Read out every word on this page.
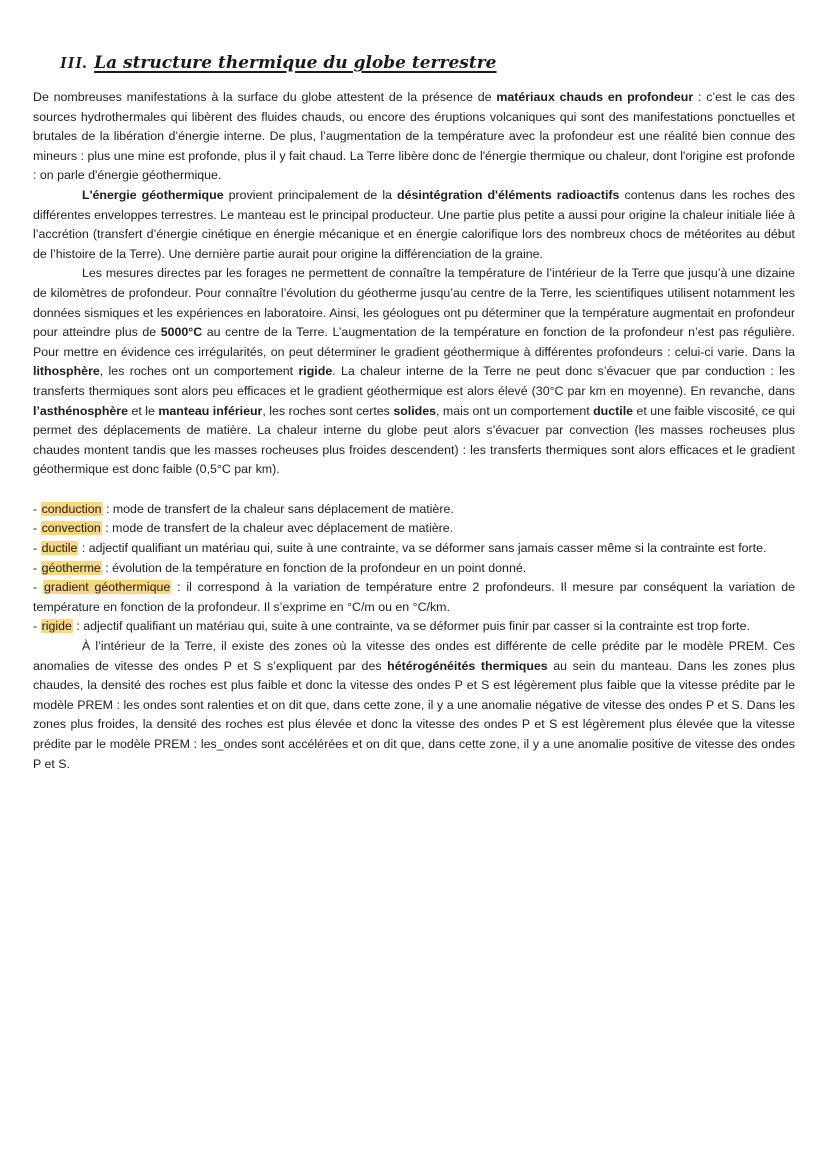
III. La structure thermique du globe terrestre

De nombreuses manifestations à la surface du globe attestent de la présence de matériaux chauds en profondeur : c’est le cas des sources hydrothermales qui libèrent des fluides chauds, ou encore des éruptions volcaniques qui sont des manifestations ponctuelles et brutales de la libération d’énergie interne. De plus, l’augmentation de la température avec la profondeur est une réalité bien connue des mineurs : plus une mine est profonde, plus il y fait chaud. La Terre libère donc de l'énergie thermique ou chaleur, dont l'origine est profonde : on parle d'énergie géothermique.

L'énergie géothermique provient principalement de la désintégration d'éléments radioactifs contenus dans les roches des différentes enveloppes terrestres. Le manteau est le principal producteur. Une partie plus petite a aussi pour origine la chaleur initiale liée à l’accrétion (transfert d’énergie cinétique en énergie mécanique et en énergie calorifique lors des nombreux chocs de météorites au début de l’histoire de la Terre). Une dernière partie aurait pour origine la différenciation de la graine.

Les mesures directes par les forages ne permettent de connaître la température de l’intérieur de la Terre que jusqu’à une dizaine de kilomètres de profondeur. Pour connaître l’évolution du géotherme jusqu’au centre de la Terre, les scientifiques utilisent notamment les données sismiques et les expériences en laboratoire. Ainsi, les géologues ont pu déterminer que la température augmentait en profondeur pour atteindre plus de 5000°C au centre de la Terre. L’augmentation de la température en fonction de la profondeur n’est pas régulière. Pour mettre en évidence ces irrégularités, on peut déterminer le gradient géothermique à différentes profondeurs : celui-ci varie. Dans la lithosphère, les roches ont un comportement rigide. La chaleur interne de la Terre ne peut donc s’évacuer que par conduction : les transferts thermiques sont alors peu efficaces et le gradient géothermique est alors élevé (30°C par km en moyenne). En revanche, dans l’asthénosphère et le manteau inférieur, les roches sont certes solides, mais ont un comportement ductile et une faible viscosité, ce qui permet des déplacements de matière. La chaleur interne du globe peut alors s’évacuer par convection (les masses rocheuses plus chaudes montent tandis que les masses rocheuses plus froides descendent) : les transferts thermiques sont alors efficaces et le gradient géothermique est donc faible (0,5°C par km).

- conduction : mode de transfert de la chaleur sans déplacement de matière.

- convection : mode de transfert de la chaleur avec déplacement de matière.

- ductile : adjectif qualifiant un matériau qui, suite à une contrainte, va se déformer sans jamais casser même si la contrainte est forte.

- géotherme : évolution de la température en fonction de la profondeur en un point donné.

- gradient géothermique : il correspond à la variation de température entre 2 profondeurs. Il mesure par conséquent la variation de température en fonction de la profondeur. Il s’exprime en °C/m ou en °C/km.

- rigide : adjectif qualifiant un matériau qui, suite à une contrainte, va se déformer puis finir par casser si la contrainte est trop forte.

À l’intérieur de la Terre, il existe des zones où la vitesse des ondes est différente de celle prédite par le modèle PREM. Ces anomalies de vitesse des ondes P et S s’expliquent par des hétérogénéités thermiques au sein du manteau. Dans les zones plus chaudes, la densité des roches est plus faible et donc la vitesse des ondes P et S est légèrement plus faible que la vitesse prédite par le modèle PREM : les ondes sont ralenties et on dit que, dans cette zone, il y a une anomalie négative de vitesse des ondes P et S. Dans les zones plus froides, la densité des roches est plus élevée et donc la vitesse des ondes P et S est légèrement plus élevée que la vitesse prédite par le modèle PREM : les_ondes sont accélérées et on dit que, dans cette zone, il y a une anomalie positive de vitesse des ondes P et S.
